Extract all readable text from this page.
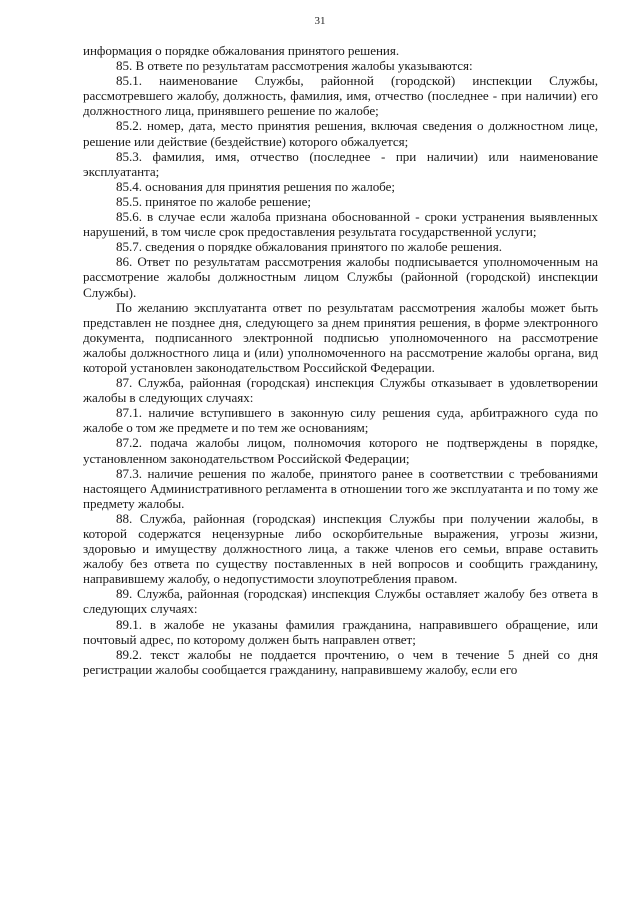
31

информация о порядке обжалования принятого решения.

85. В ответе по результатам рассмотрения жалобы указываются:

85.1. наименование Службы, районной (городской) инспекции Службы, рассмотревшего жалобу, должность, фамилия, имя, отчество (последнее - при наличии) его должностного лица, принявшего решение по жалобе;

85.2. номер, дата, место принятия решения, включая сведения о должностном лице, решение или действие (бездействие) которого обжалуется;

85.3. фамилия, имя, отчество (последнее - при наличии) или наименование эксплуатанта;

85.4. основания для принятия решения по жалобе;

85.5. принятое по жалобе решение;

85.6. в случае если жалоба признана обоснованной - сроки устранения выявленных нарушений, в том числе срок предоставления результата государственной услуги;

85.7. сведения о порядке обжалования принятого по жалобе решения.

86. Ответ по результатам рассмотрения жалобы подписывается уполномоченным на рассмотрение жалобы должностным лицом Службы (районной (городской) инспекции Службы).

По желанию эксплуатанта ответ по результатам рассмотрения жалобы может быть представлен не позднее дня, следующего за днем принятия решения, в форме электронного документа, подписанного электронной подписью уполномоченного на рассмотрение жалобы должностного лица и (или) уполномоченного на рассмотрение жалобы органа, вид которой установлен законодательством Российской Федерации.

87. Служба, районная (городская) инспекция Службы отказывает в удовлетворении жалобы в следующих случаях:

87.1. наличие вступившего в законную силу решения суда, арбитражного суда по жалобе о том же предмете и по тем же основаниям;

87.2. подача жалобы лицом, полномочия которого не подтверждены в порядке, установленном законодательством Российской Федерации;

87.3. наличие решения по жалобе, принятого ранее в соответствии с требованиями настоящего Административного регламента в отношении того же эксплуатанта и по тому же предмету жалобы.

88. Служба, районная (городская) инспекция Службы при получении жалобы, в которой содержатся нецензурные либо оскорбительные выражения, угрозы жизни, здоровью и имуществу должностного лица, а также членов его семьи, вправе оставить жалобу без ответа по существу поставленных в ней вопросов и сообщить гражданину, направившему жалобу, о недопустимости злоупотребления правом.

89. Служба, районная (городская) инспекция Службы оставляет жалобу без ответа в следующих случаях:

89.1. в жалобе не указаны фамилия гражданина, направившего обращение, или почтовый адрес, по которому должен быть направлен ответ;

89.2. текст жалобы не поддается прочтению, о чем в течение 5 дней со дня регистрации жалобы сообщается гражданину, направившему жалобу, если его
